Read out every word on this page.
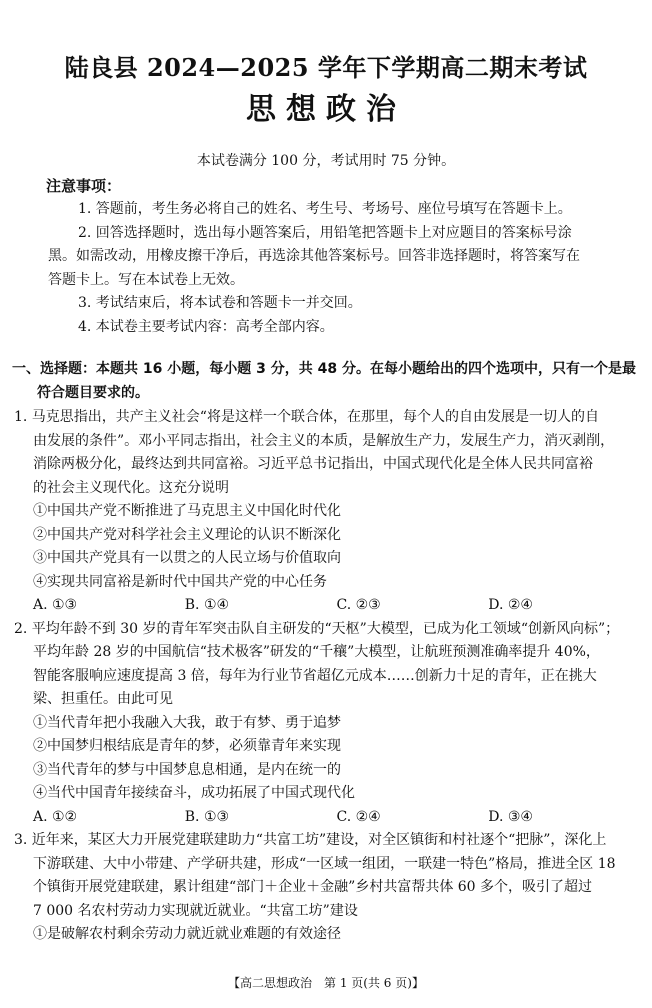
陆良县 2024—2025 学年下学期高二期末考试
思想政治
本试卷满分 100 分，考试用时 75 分钟。
注意事项：

1. 答题前，考生务必将自己的姓名、考生号、考场号、座位号填写在答题卡上。

2. 回答选择题时，选出每小题答案后，用铅笔把答题卡上对应题目的答案标号涂

黑。如需改动，用橡皮擦干净后，再选涂其他答案标号。回答非选择题时，将答案写在

答题卡上。写在本试卷上无效。

3. 考试结束后，将本试卷和答题卡一并交回。

4. 本试卷主要考试内容：高考全部内容。

一、选择题：本题共 16 小题，每小题 3 分，共 48 分。在每小题给出的四个选项中，只有一个是最
符合题目要求的。

1. 马克思指出，共产主义社会“将是这样一个联合体，在那里，每个人的自由发展是一切人的自

由发展的条件”。邓小平同志指出，社会主义的本质，是解放生产力，发展生产力，消灭剥削，

消除两极分化，最终达到共同富裕。习近平总书记指出，中国式现代化是全体人民共同富裕

的社会主义现代化。这充分说明

①中国共产党不断推进了马克思主义中国化时代化

②中国共产党对科学社会主义理论的认识不断深化

③中国共产党具有一以贯之的人民立场与价值取向

④实现共同富裕是新时代中国共产党的中心任务

A. ①③	B. ①④	C. ②③	D. ②④

2. 平均年龄不到 30 岁的青年军突击队自主研发的“天枢”大模型，已成为化工领域“创新风向标”；

平均年龄 28 岁的中国航信“技术极客”研发的“千穰”大模型，让航班预测准确率提升 40%，

智能客服响应速度提高 3 倍，每年为行业节省超亿元成本……创新力十足的青年，正在挑大

梁、担重任。由此可见

①当代青年把小我融入大我，敢于有梦、勇于追梦

②中国梦归根结底是青年的梦，必须靠青年来实现

③当代青年的梦与中国梦息息相通，是内在统一的

④当代中国青年接续奋斗，成功拓展了中国式现代化

A. ①②	B. ①③	C. ②④	D. ③④

3. 近年来，某区大力开展党建联建助力“共富工坊”建设，对全区镇街和村社逐个“把脉”，深化上

下游联建、大中小带建、产学研共建，形成“一区域一组团，一联建一特色”格局，推进全区 18

个镇街开展党建联建，累计组建“部门＋企业＋金融”乡村共富帮共体 60 多个，吸引了超过

7 000 名农村劳动力实现就近就业。“共富工坊”建设

①是破解农村剩余劳动力就近就业难题的有效途径

【高二思想政治　第 1 页(共 6 页)】
